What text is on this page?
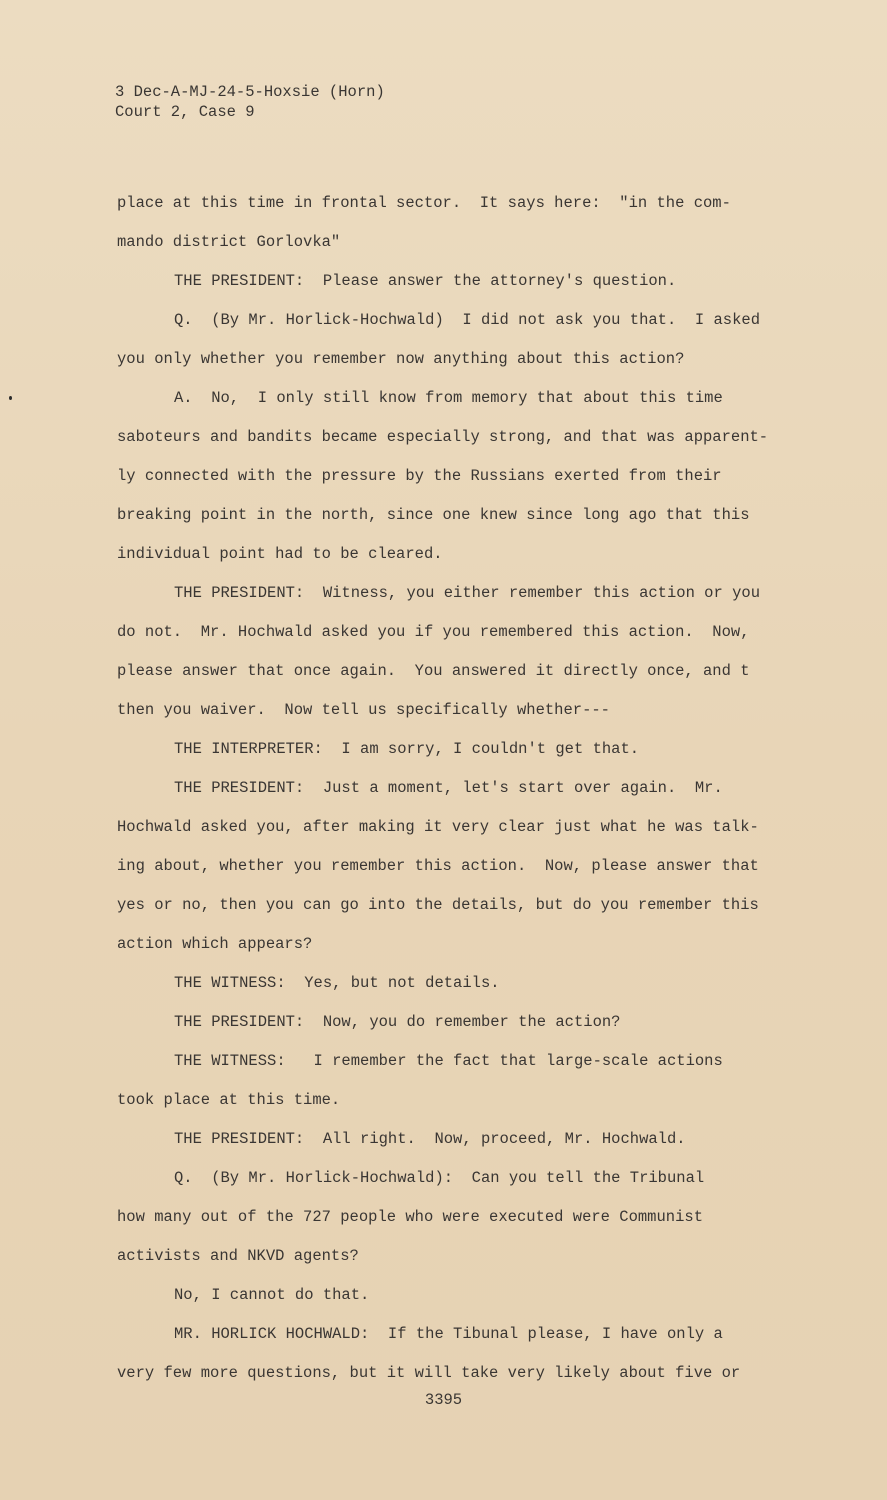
3 Dec-A-MJ-24-5-Hoxsie (Horn)
Court 2, Case 9
place at this time in frontal sector.  It says here:  "in the com-
mando district Gorlovka"
THE PRESIDENT:  Please answer the attorney's question.
Q.  (By Mr. Horlick-Hochwald)  I did not ask you that.  I asked
you only whether you remember now anything about this action?
A.  No,  I only still know from memory that about this time
saboteurs and bandits became especially strong, and that was apparent-
ly connected with the pressure by the Russians exerted from their
breaking point in the north, since one knew since long ago that this
individual point had to be cleared.
THE PRESIDENT:  Witness, you either remember this action or you
do not.  Mr. Hochwald asked you if you remembered this action.  Now,
please answer that once again.  You answered it directly once, and t
then you waiver.  Now tell us specifically whether---
THE INTERPRETER:  I am sorry, I couldn't get that.
THE PRESIDENT:  Just a moment, let's start over again.  Mr.
Hochwald asked you, after making it very clear just what he was talk-
ing about, whether you remember this action.  Now, please answer that
yes or no, then you can go into the details, but do you remember this
action which appears?
THE WITNESS:  Yes, but not details.
THE PRESIDENT:  Now, you do remember the action?
THE WITNESS:   I remember the fact that large-scale actions
took place at this time.
THE PRESIDENT:  All right.  Now, proceed, Mr. Hochwald.
Q.  (By Mr. Horlick-Hochwald):  Can you tell the Tribunal
how many out of the 727 people who were executed were Communist
activists and NKVD agents?
No, I cannot do that.
MR. HORLICK HOCHWALD:  If the Tibunal please, I have only a
very few more questions, but it will take very likely about five or
3395
